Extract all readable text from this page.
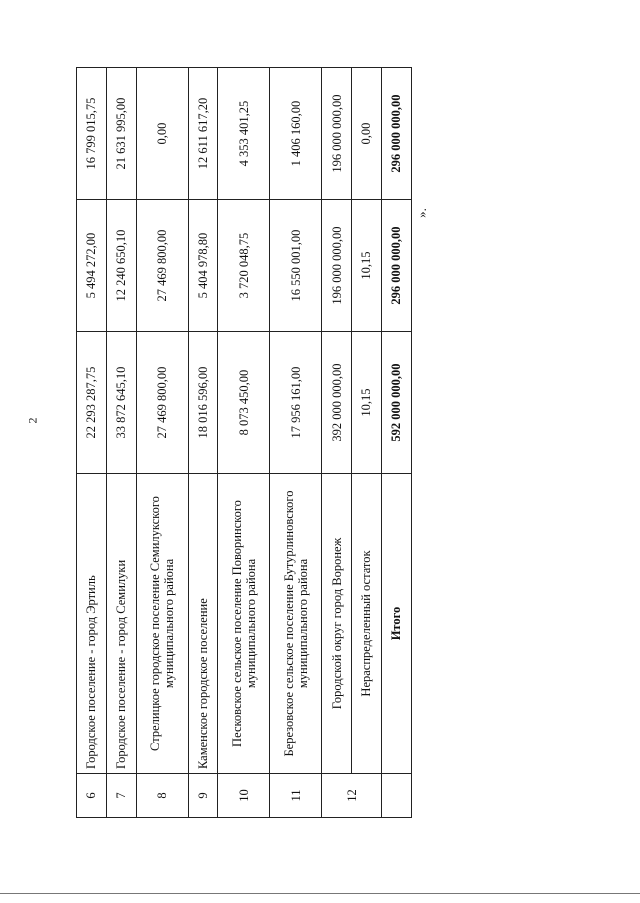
2
».
6	Городское поселение - город Эртиль	22 293 287,75	5 494 272,00	16 799 015,75
7	Городское поселение - город Семилуки	33 872 645,10	12 240 650,10	21 631 995,00
8	Стрелицкое городское поселение Семилукского муниципального района	27 469 800,00	27 469 800,00	0,00
9	Каменское городское поселение	18 016 596,00	5 404 978,80	12 611 617,20
10	Песковское сельское поселение Поворинского муниципального района	8 073 450,00	3 720 048,75	4 353 401,25
11	Березовское сельское поселение Бутурлиновского муниципального района	17 956 161,00	16 550 001,00	1 406 160,00
12	Городской округ город Воронеж	392 000 000,00	196 000 000,00	196 000 000,00
	Нераспределенный остаток	10,15	10,15	0,00
	Итого	592 000 000,00	296 000 000,00	296 000 000,00
